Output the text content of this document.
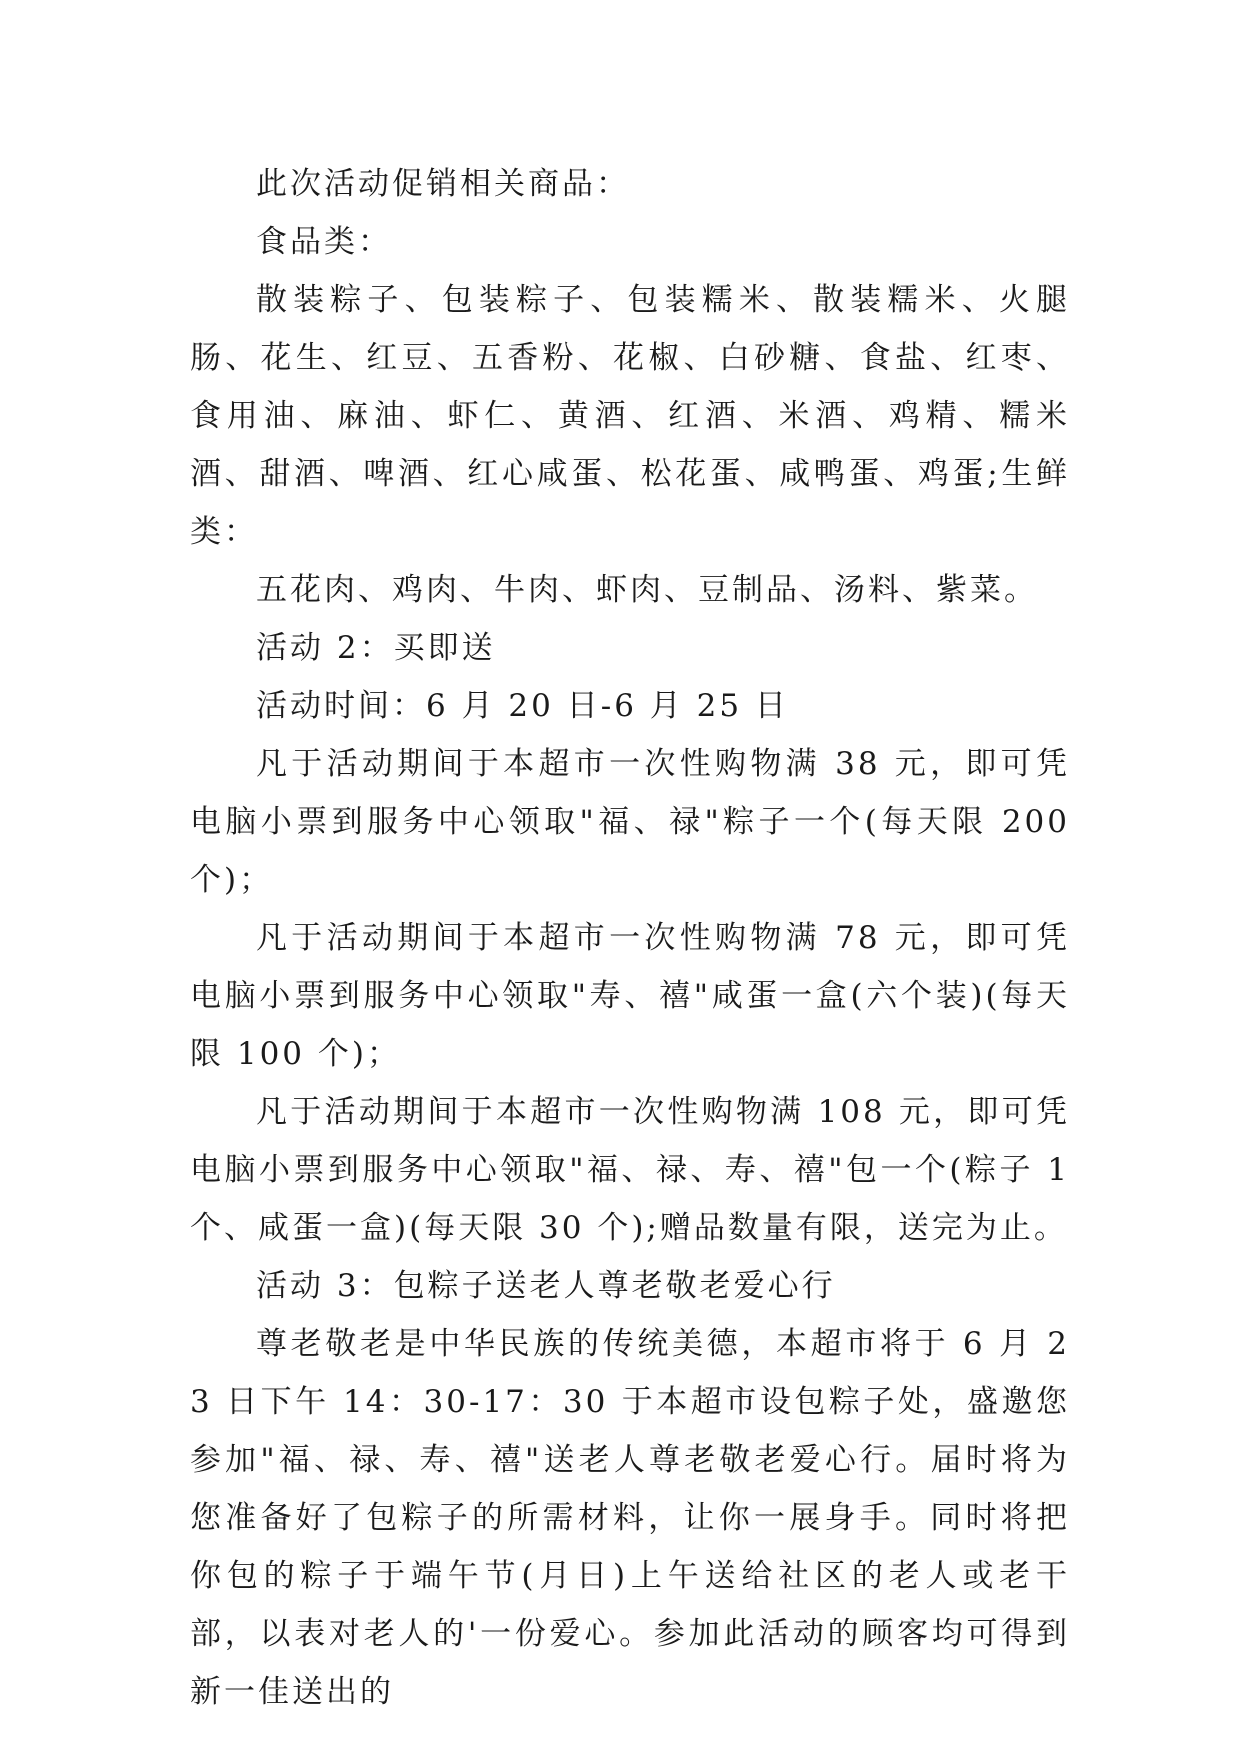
此次活动促销相关商品：

食品类：

散装粽子、包装粽子、包装糯米、散装糯米、火腿肠、花生、红豆、五香粉、花椒、白砂糖、食盐、红枣、食用油、麻油、虾仁、黄酒、红酒、米酒、鸡精、糯米酒、甜酒、啤酒、红心咸蛋、松花蛋、咸鸭蛋、鸡蛋;生鲜类：

五花肉、鸡肉、牛肉、虾肉、豆制品、汤料、紫菜。

活动 2：买即送

活动时间：6 月 20 日-6 月 25 日

凡于活动期间于本超市一次性购物满 38 元，即可凭电脑小票到服务中心领取"福、禄"粽子一个(每天限 200 个)；

凡于活动期间于本超市一次性购物满 78 元，即可凭电脑小票到服务中心领取"寿、禧"咸蛋一盒(六个装)(每天限 100 个)；

凡于活动期间于本超市一次性购物满 108 元，即可凭电脑小票到服务中心领取"福、禄、寿、禧"包一个(粽子 1 个、咸蛋一盒)(每天限 30 个);赠品数量有限，送完为止。

活动 3：包粽子送老人尊老敬老爱心行

尊老敬老是中华民族的传统美德，本超市将于 6 月 23 日下午 14：30-17：30 于本超市设包粽子处，盛邀您参加"福、禄、寿、禧"送老人尊老敬老爱心行。届时将为您准备好了包粽子的所需材料，让你一展身手。同时将把你包的粽子于端午节(月日)上午送给社区的老人或老干部，以表对老人的'一份爱心。参加此活动的顾客均可得到新一佳送出的
